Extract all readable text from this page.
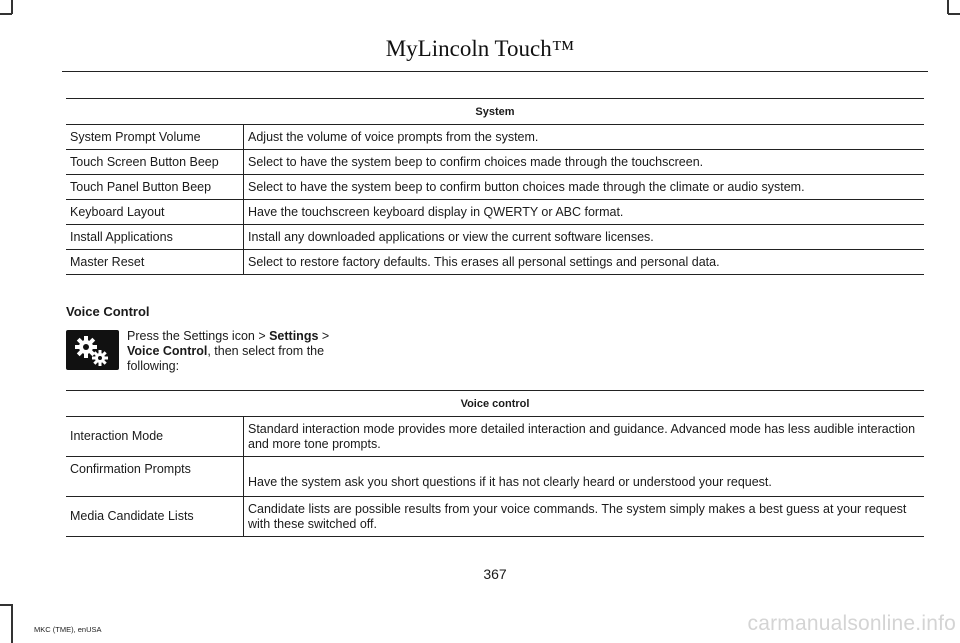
MyLincoln Touch™
System	
System Prompt Volume	Adjust the volume of voice prompts from the system.
Touch Screen Button Beep	Select to have the system beep to confirm choices made through the touchscreen.
Touch Panel Button Beep	Select to have the system beep to confirm button choices made through the climate or audio system.
Keyboard Layout	Have the touchscreen keyboard display in QWERTY or ABC format.
Install Applications	Install any downloaded applications or view the current software licenses.
Master Reset	Select to restore factory defaults. This erases all personal settings and personal data.
Voice Control
Press the Settings icon > Settings > Voice Control, then select from the following:
Voice control	
Interaction Mode	Standard interaction mode provides more detailed interaction and guidance. Advanced mode has less audible interaction and more tone prompts.
Confirmation Prompts	Have the system ask you short questions if it has not clearly heard or understood your request.
Media Candidate Lists	Candidate lists are possible results from your voice commands. The system simply makes a best guess at your request with these switched off.
367
MKC (TME), enUSA	carmanualsonline.info
